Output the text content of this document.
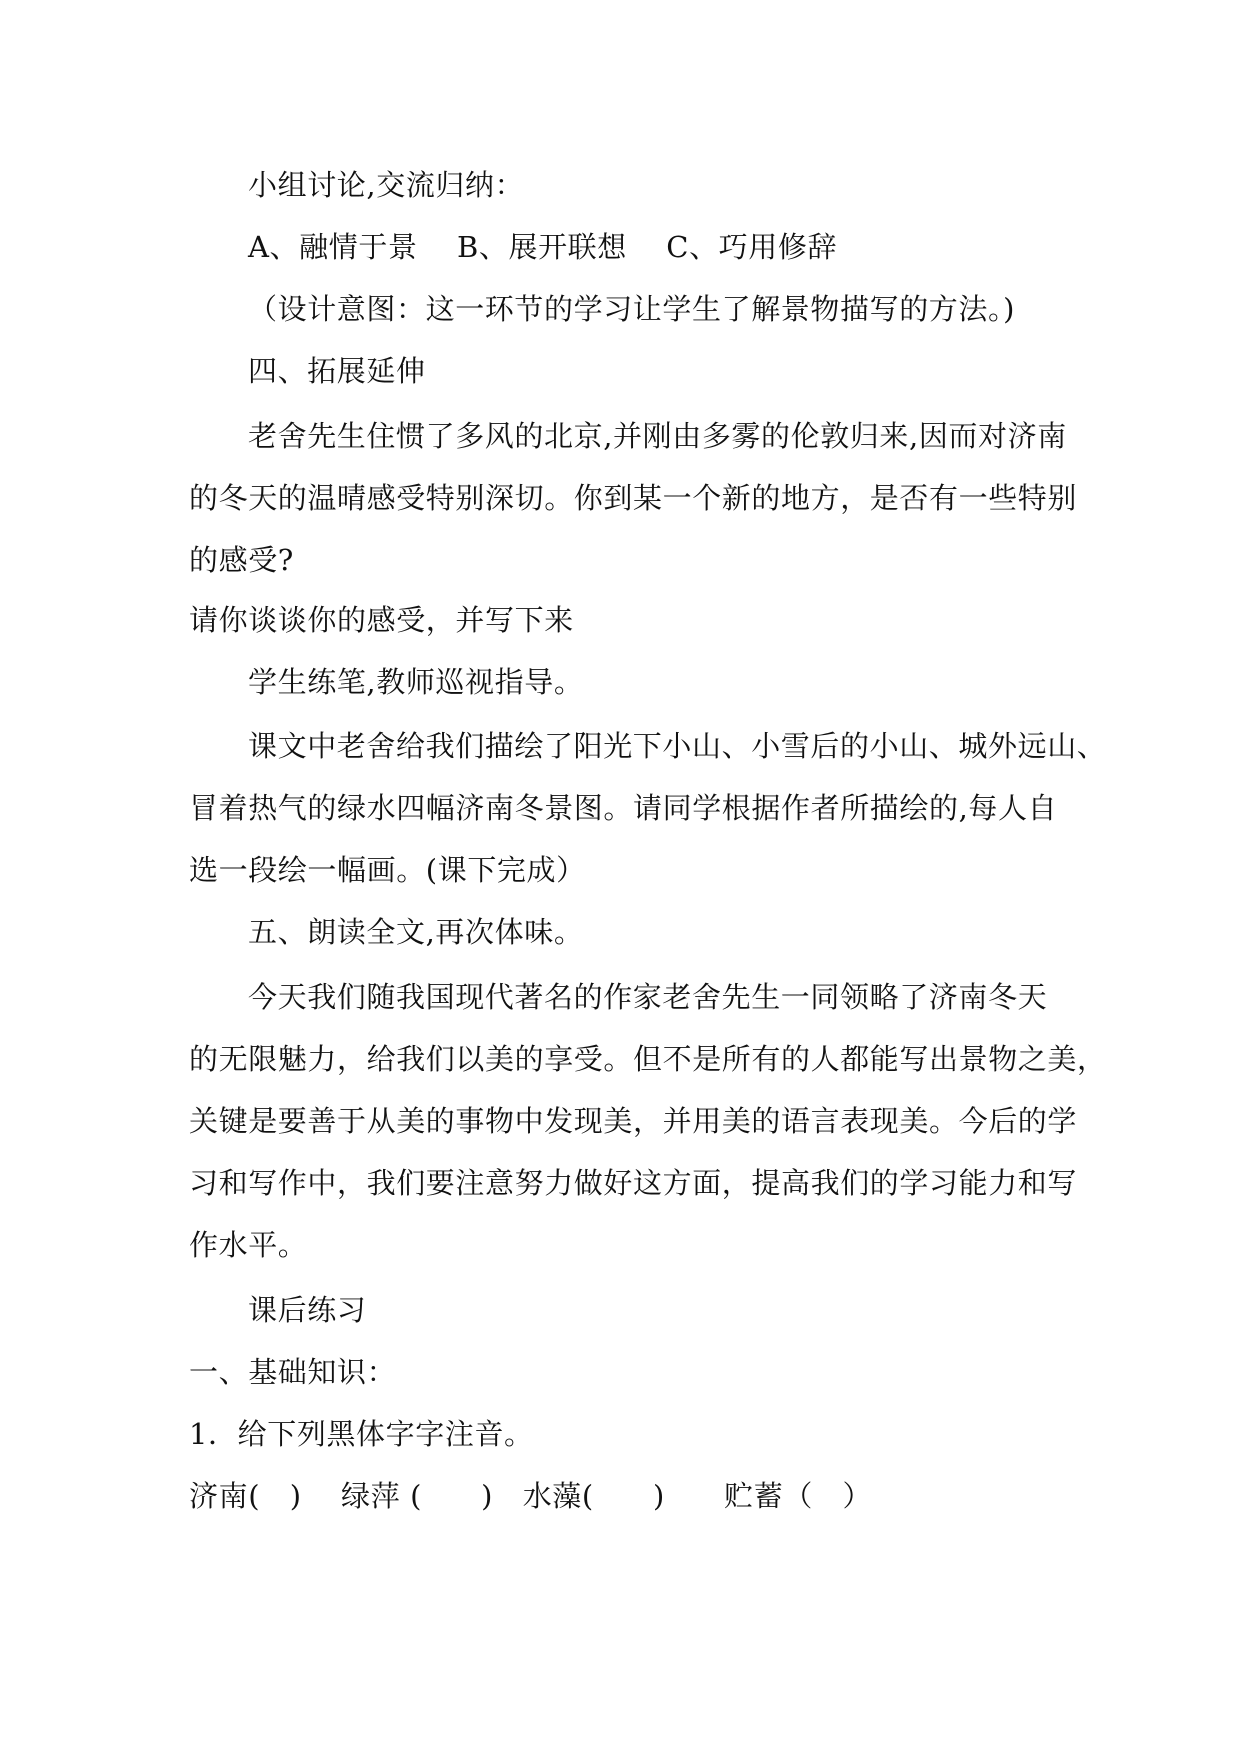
小组讨论,交流归纳：
A、融情于景　 B、展开联想　 C、巧用修辞
（设计意图：这一环节的学习让学生了解景物描写的方法。)
四、拓展延伸
老舍先生住惯了多风的北京,并刚由多雾的伦敦归来,因而对济南
的冬天的温晴感受特别深切。你到某一个新的地方，是否有一些特别
的感受?
请你谈谈你的感受，并写下来
学生练笔,教师巡视指导。
课文中老舍给我们描绘了阳光下小山、小雪后的小山、城外远山、
冒着热气的绿水四幅济南冬景图。请同学根据作者所描绘的,每人自
选一段绘一幅画。(课下完成）
五、朗读全文,再次体味。
今天我们随我国现代著名的作家老舍先生一同领略了济南冬天
的无限魅力，给我们以美的享受。但不是所有的人都能写出景物之美，
关键是要善于从美的事物中发现美，并用美的语言表现美。今后的学
习和写作中，我们要注意努力做好这方面，提高我们的学习能力和写
作水平。
课后练习
一、基础知识：
1．给下列黑体字字注音。
济南(　)　 绿萍 (　　)　水藻(　　)　　贮蓄（　）
